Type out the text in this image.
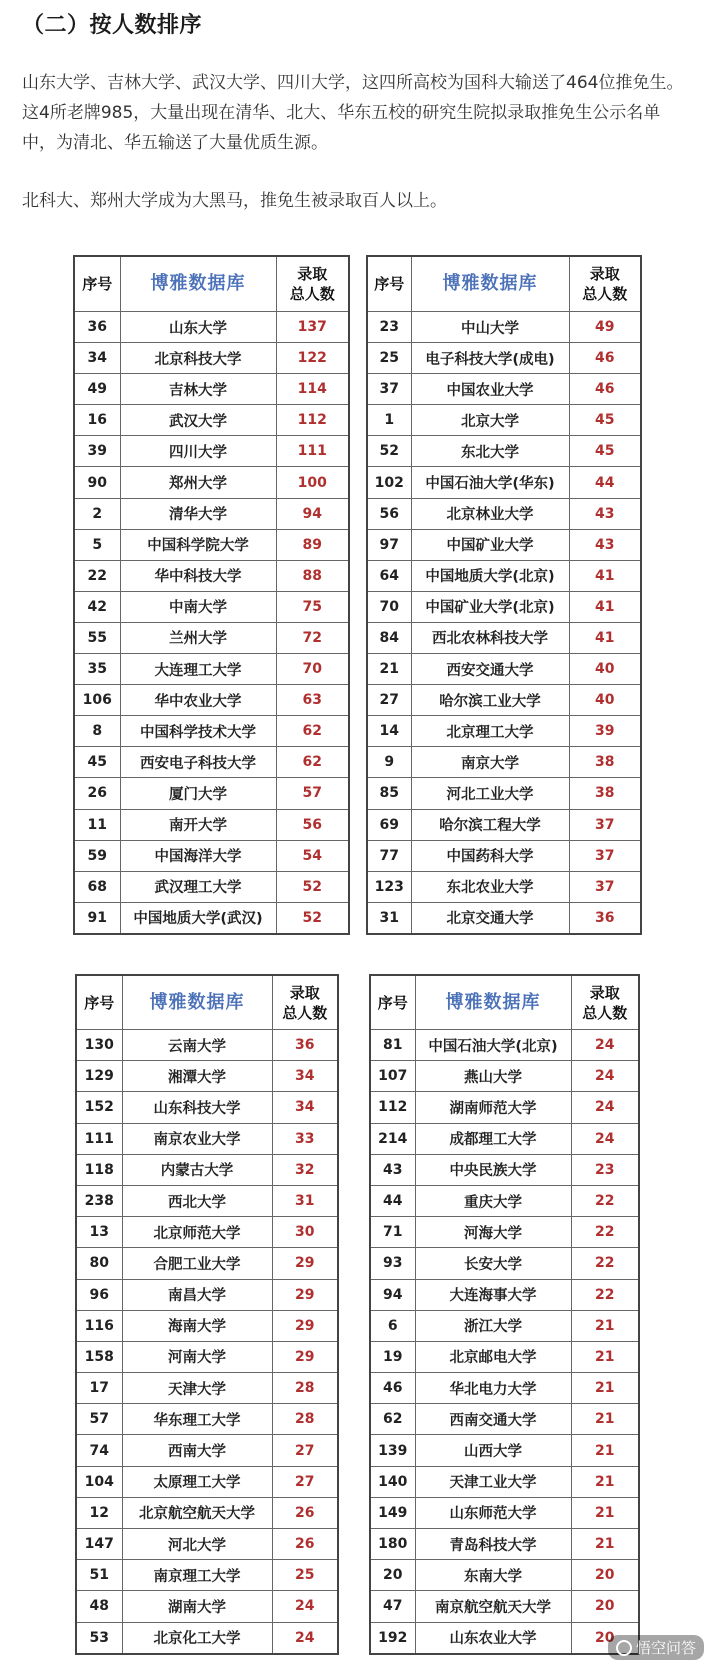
（二）按人数排序

山东大学、吉林大学、武汉大学、四川大学，这四所高校为国科大输送了464位推免生。这4所老牌985，大量出现在清华、北大、华东五校的研究生院拟录取推免生公示名单中，为清北、华五输送了大量优质生源。

北科大、郑州大学成为大黑马，推免生被录取百人以上。

序号	博雅数据库	录取
总人数
36	山东大学	137
34	北京科技大学	122
49	吉林大学	114
16	武汉大学	112
39	四川大学	111
90	郑州大学	100
2	清华大学	94
5	中国科学院大学	89
22	华中科技大学	88
42	中南大学	75
55	兰州大学	72
35	大连理工大学	70
106	华中农业大学	63
8	中国科学技术大学	62
45	西安电子科技大学	62
26	厦门大学	57
11	南开大学	56
59	中国海洋大学	54
68	武汉理工大学	52
91	中国地质大学(武汉)	52
序号	博雅数据库	录取
总人数
23	中山大学	49
25	电子科技大学(成电)	46
37	中国农业大学	46
1	北京大学	45
52	东北大学	45
102	中国石油大学(华东)	44
56	北京林业大学	43
97	中国矿业大学	43
64	中国地质大学(北京)	41
70	中国矿业大学(北京)	41
84	西北农林科技大学	41
21	西安交通大学	40
27	哈尔滨工业大学	40
14	北京理工大学	39
9	南京大学	38
85	河北工业大学	38
69	哈尔滨工程大学	37
77	中国药科大学	37
123	东北农业大学	37
31	北京交通大学	36
序号	博雅数据库	录取
总人数
130	云南大学	36
129	湘潭大学	34
152	山东科技大学	34
111	南京农业大学	33
118	内蒙古大学	32
238	西北大学	31
13	北京师范大学	30
80	合肥工业大学	29
96	南昌大学	29
116	海南大学	29
158	河南大学	29
17	天津大学	28
57	华东理工大学	28
74	西南大学	27
104	太原理工大学	27
12	北京航空航天大学	26
147	河北大学	26
51	南京理工大学	25
48	湖南大学	24
53	北京化工大学	24
序号	博雅数据库	录取
总人数
81	中国石油大学(北京)	24
107	燕山大学	24
112	湖南师范大学	24
214	成都理工大学	24
43	中央民族大学	23
44	重庆大学	22
71	河海大学	22
93	长安大学	22
94	大连海事大学	22
6	浙江大学	21
19	北京邮电大学	21
46	华北电力大学	21
62	西南交通大学	21
139	山西大学	21
140	天津工业大学	21
149	山东师范大学	21
180	青岛科技大学	21
20	东南大学	20
47	南京航空航天大学	20
192	山东农业大学	20
悟空问答
